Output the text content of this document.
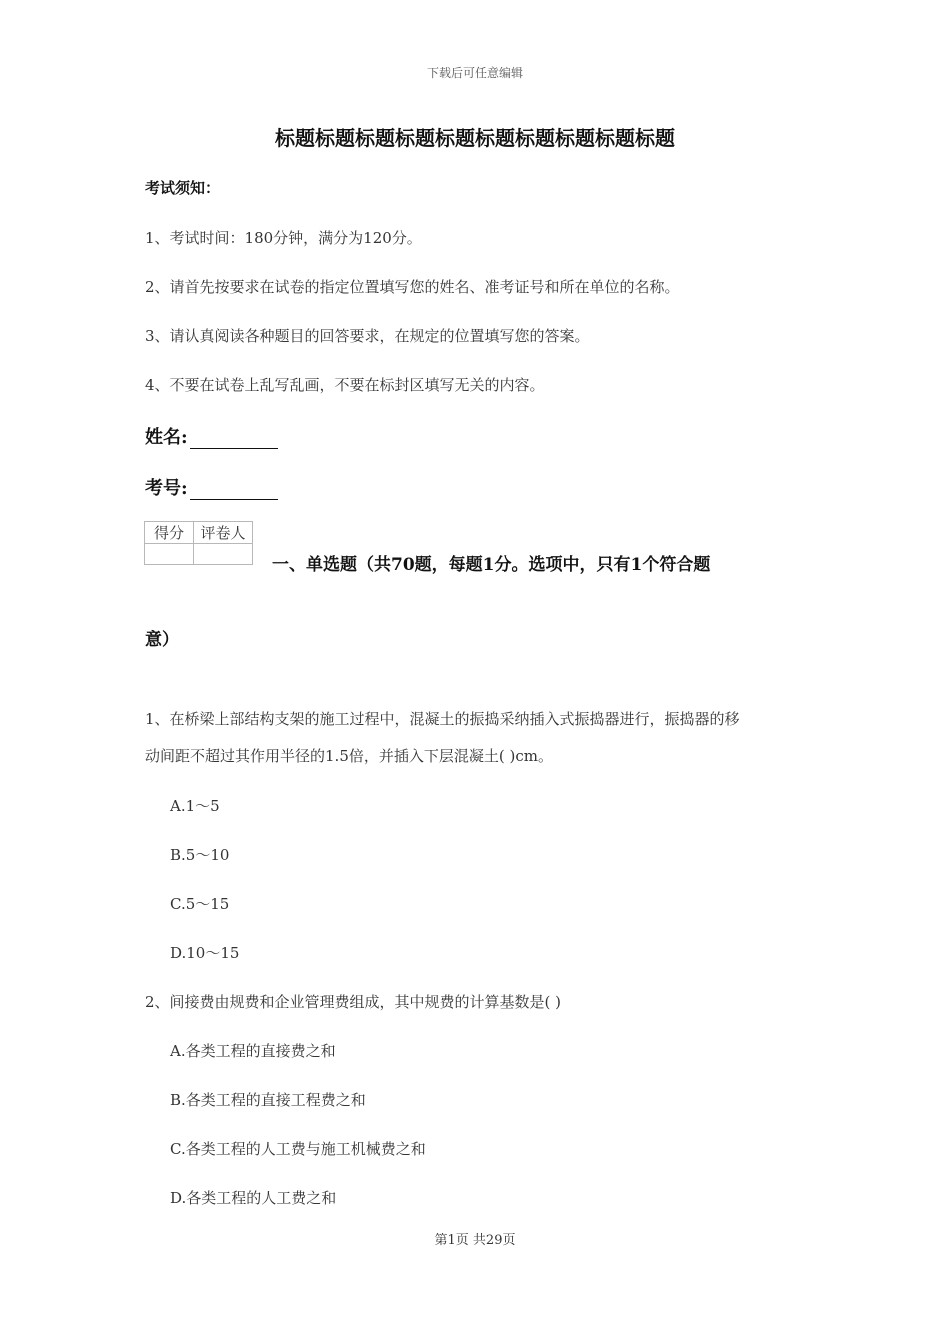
下载后可任意编辑
标题标题标题标题标题标题标题标题标题标题
考试须知：
1、考试时间：180分钟，满分为120分。
2、请首先按要求在试卷的指定位置填写您的姓名、准考证号和所在单位的名称。
3、请认真阅读各种题目的回答要求，在规定的位置填写您的答案。
4、不要在试卷上乱写乱画，不要在标封区填写无关的内容。
姓名:
考号:
得分	评卷人

一、单选题（共70题，每题1分。选项中，只有1个符合题
意）
1、在桥梁上部结构支架的施工过程中，混凝土的振捣采纳插入式振捣器进行，振捣器的移
动间距不超过其作用半径的1.5倍，并插入下层混凝土( )cm。
A.1～5
B.5～10
C.5～15
D.10～15
2、间接费由规费和企业管理费组成，其中规费的计算基数是( )
A.各类工程的直接费之和
B.各类工程的直接工程费之和
C.各类工程的人工费与施工机械费之和
D.各类工程的人工费之和
第1页 共29页
